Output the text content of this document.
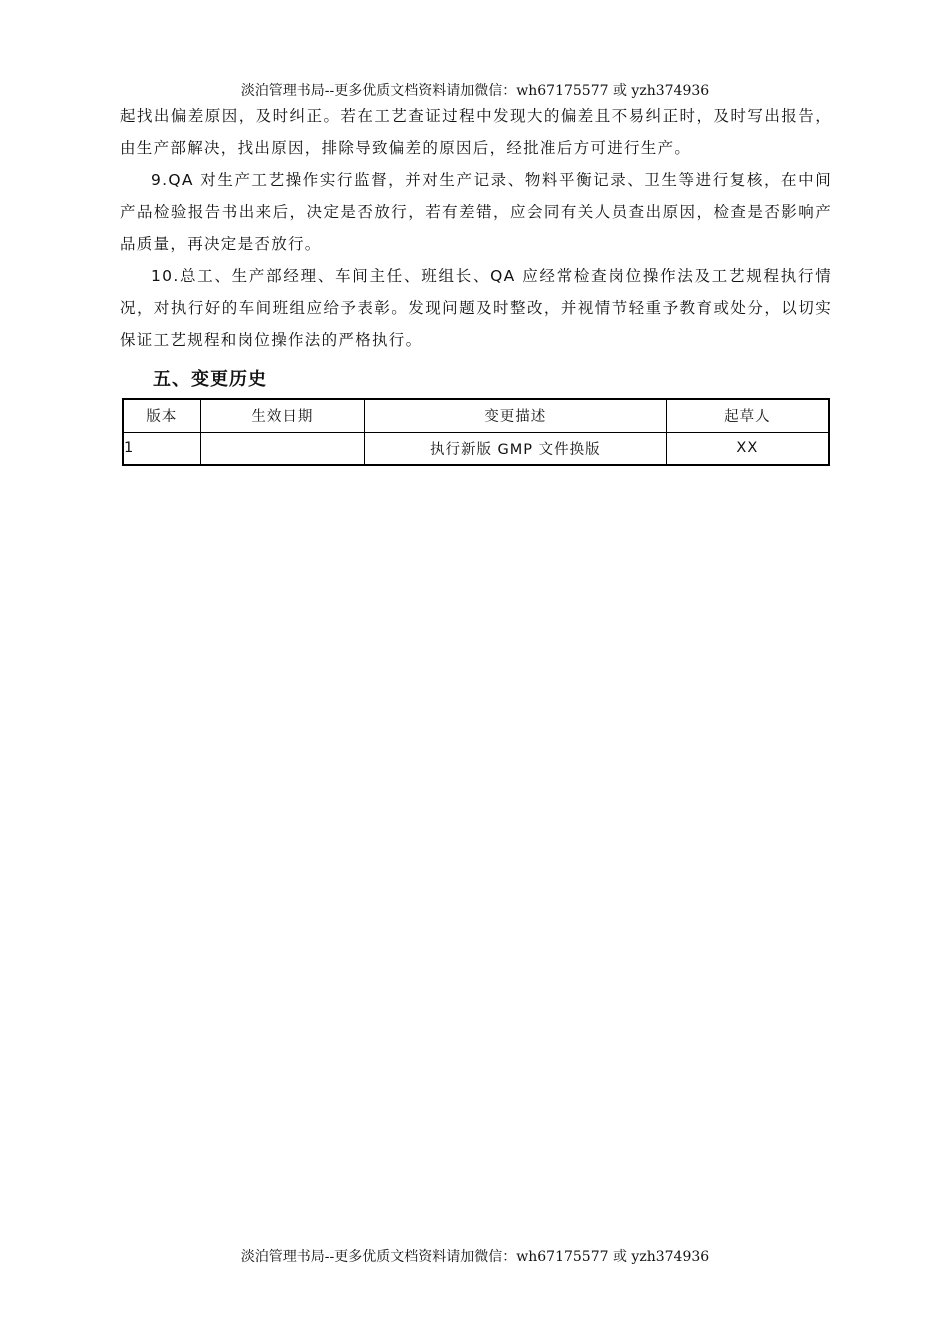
淡泊管理书局--更多优质文档资料请加微信：wh67175577 或 yzh374936

起找出偏差原因，及时纠正。若在工艺查证过程中发现大的偏差且不易纠正时，及时写出报告，由生产部解决，找出原因，排除导致偏差的原因后，经批准后方可进行生产。

9.QA 对生产工艺操作实行监督，并对生产记录、物料平衡记录、卫生等进行复核，在中间产品检验报告书出来后，决定是否放行，若有差错，应会同有关人员查出原因，检查是否影响产品质量，再决定是否放行。

10.总工、生产部经理、车间主任、班组长、QA 应经常检查岗位操作法及工艺规程执行情况，对执行好的车间班组应给予表彰。发现问题及时整改，并视情节轻重予教育或处分，以切实保证工艺规程和岗位操作法的严格执行。

五、变更历史
版本	生效日期	变更描述	起草人
1		执行新版 GMP 文件换版	XX
淡泊管理书局--更多优质文档资料请加微信：wh67175577 或 yzh374936
